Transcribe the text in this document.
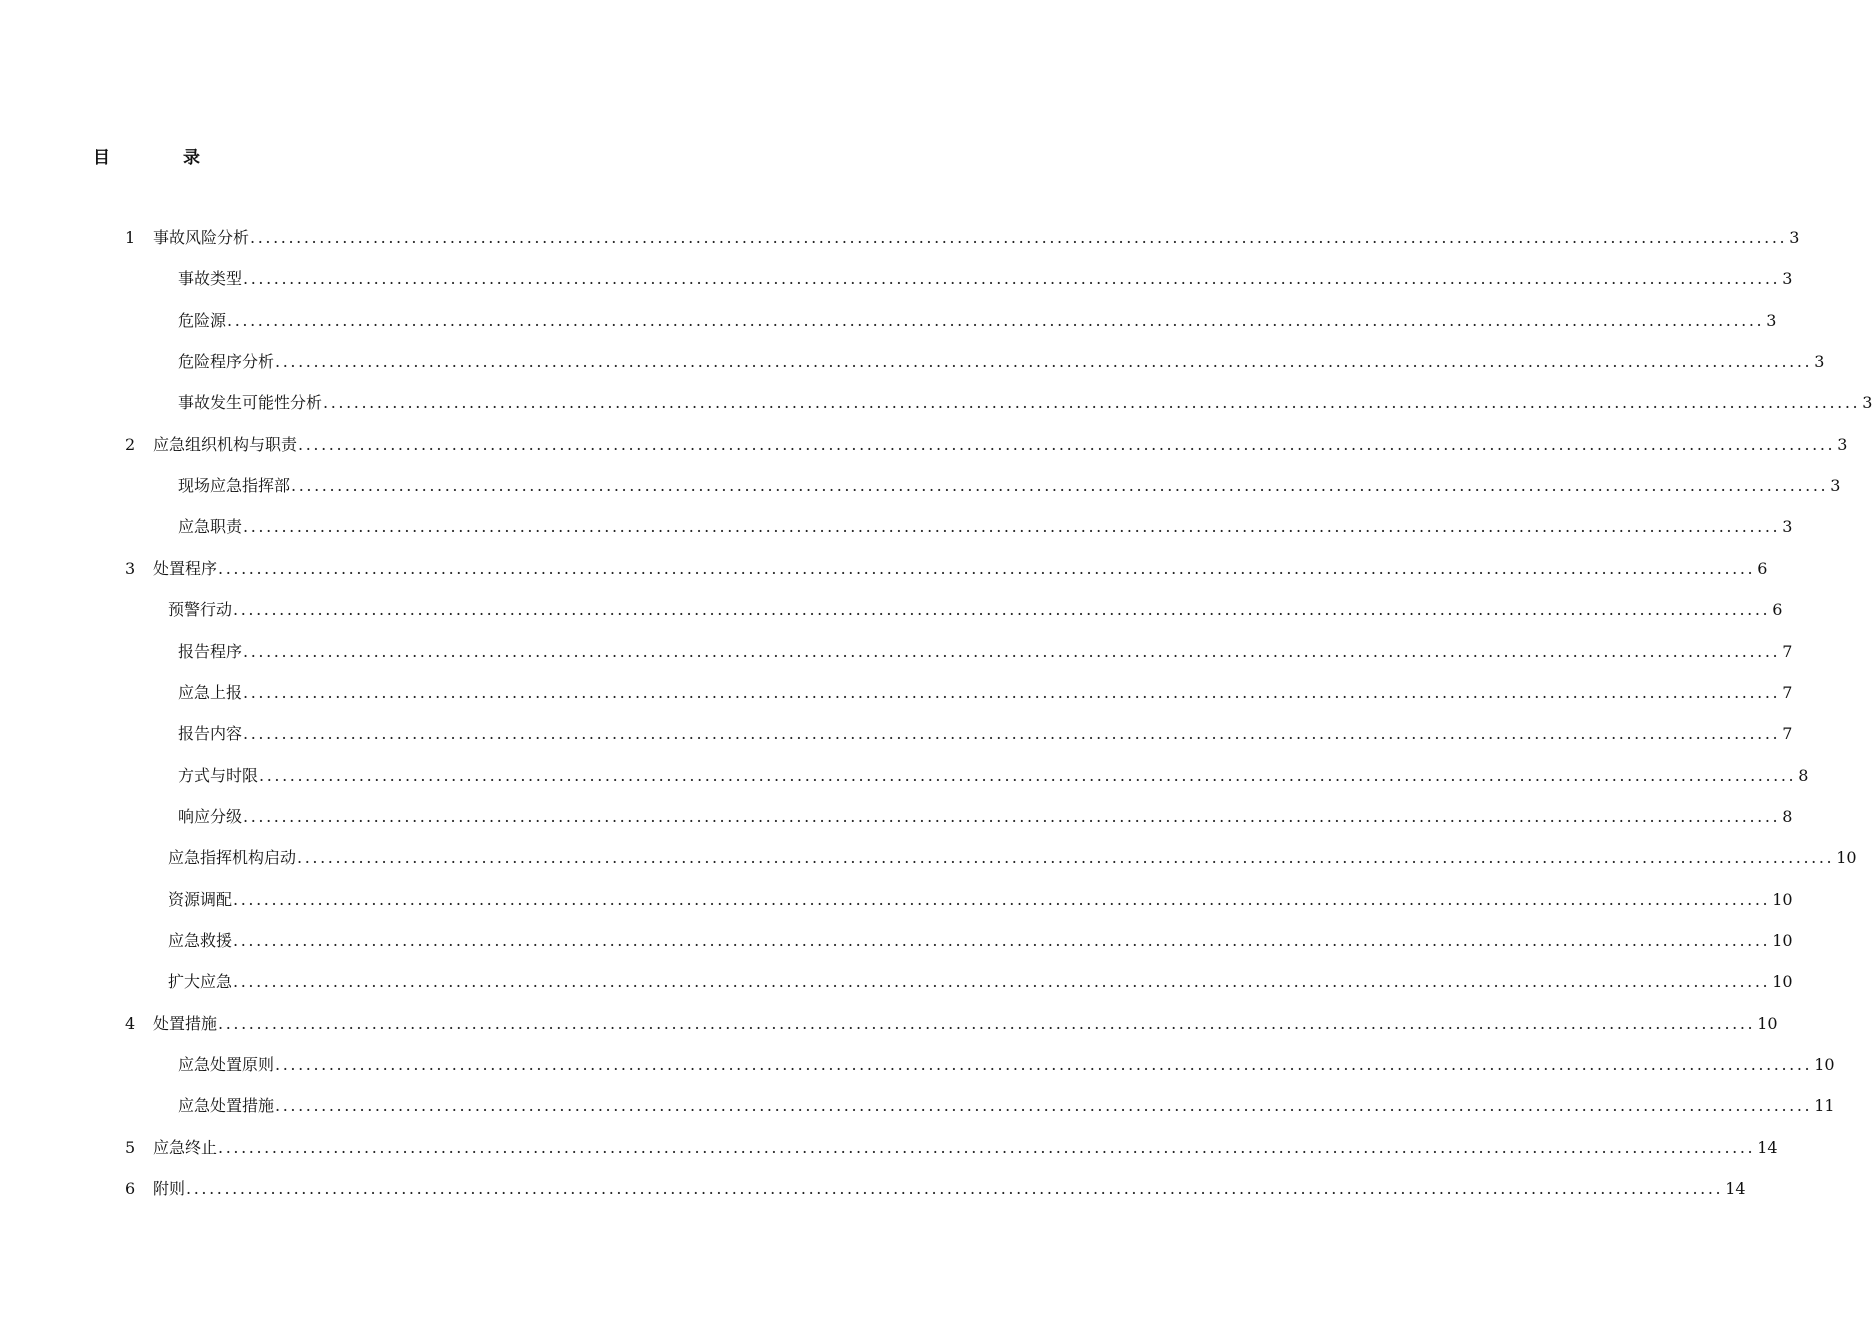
目　录
1	事故风险分析 ........................................................................................................................................................................................................ 3
事故类型 ........................................................................................................................................................................................................ 3
危险源 ........................................................................................................................................................................................................ 3
危险程序分析 ........................................................................................................................................................................................................ 3
事故发生可能性分析 ........................................................................................................................................................................................................ 3
2	应急组织机构与职责 ........................................................................................................................................................................................................ 3
现场应急指挥部 ........................................................................................................................................................................................................ 3
应急职责 ........................................................................................................................................................................................................ 3
3	处置程序 ........................................................................................................................................................................................................ 6
预警行动 ........................................................................................................................................................................................................ 6
报告程序 ........................................................................................................................................................................................................ 7
应急上报 ........................................................................................................................................................................................................ 7
报告内容 ........................................................................................................................................................................................................ 7
方式与时限 ........................................................................................................................................................................................................ 8
响应分级 ........................................................................................................................................................................................................ 8
应急指挥机构启动 ........................................................................................................................................................................................................ 10
资源调配 ........................................................................................................................................................................................................ 10
应急救援 ........................................................................................................................................................................................................ 10
扩大应急 ........................................................................................................................................................................................................ 10
4	处置措施 ........................................................................................................................................................................................................ 10
应急处置原则 ........................................................................................................................................................................................................ 10
应急处置措施 ........................................................................................................................................................................................................ 11
5	应急终止 ........................................................................................................................................................................................................ 14
6	附则 ........................................................................................................................................................................................................ 14
